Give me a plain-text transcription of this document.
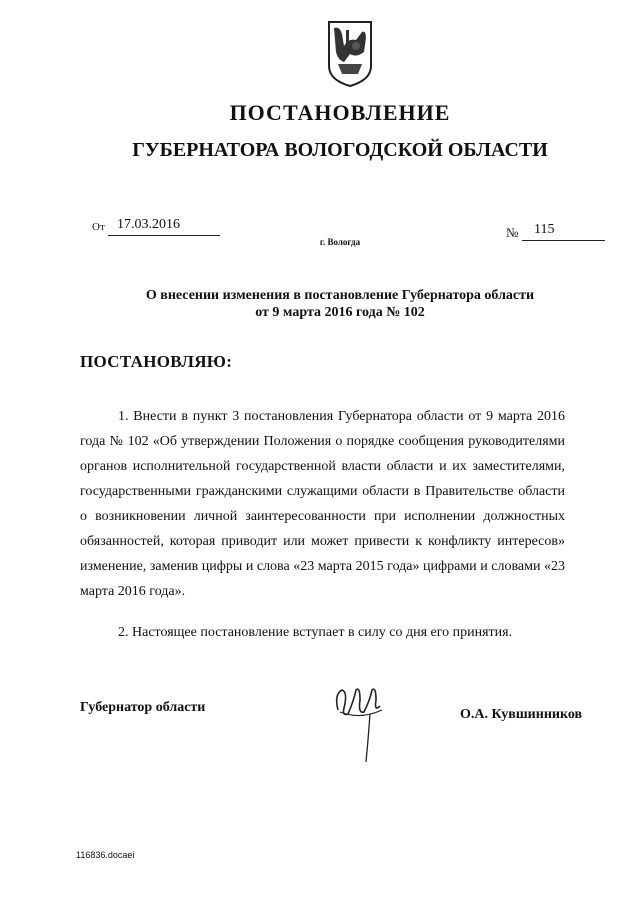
ПОСТАНОВЛЕНИЕ
ГУБЕРНАТОРА ВОЛОГОДСКОЙ ОБЛАСТИ
От 17.03.2016
г. Вологда
№ 115
О внесении изменения в постановление Губернатора области
от 9 марта 2016 года № 102
ПОСТАНОВЛЯЮ:
1. Внести в пункт 3 постановления Губернатора области от 9 марта 2016 года № 102 «Об утверждении Положения о порядке сообщения руководителями органов исполнительной государственной власти области и их заместителями, государственными гражданскими служащими области в Правительстве области о возникновении личной заинтересованности при исполнении должностных обязанностей, которая приводит или может привести к конфликту интересов» изменение, заменив цифры и слова «23 марта 2015 года» цифрами и словами «23 марта 2016 года».
2. Настоящее постановление вступает в силу со дня его принятия.
Губернатор области	О.А. Кувшинников
116836.docaei
